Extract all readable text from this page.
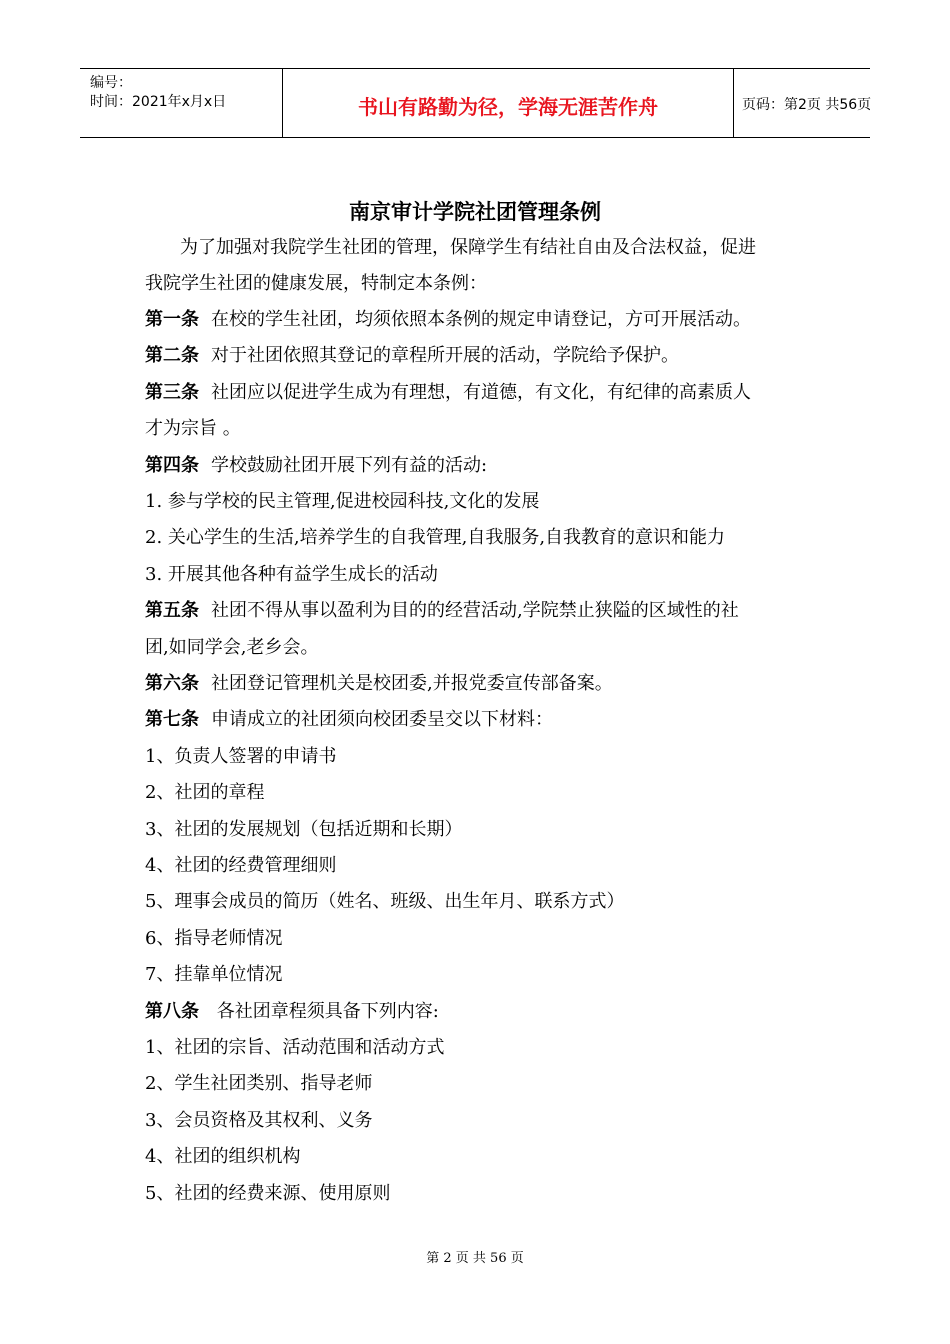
编号：
时间：2021年x月x日	书山有路勤为径，学海无涯苦作舟	页码：第2页 共56页
南京审计学院社团管理条例
为了加强对我院学生社团的管理，保障学生有结社自由及合法权益，促进
我院学生社团的健康发展，特制定本条例：
第一条 在校的学生社团，均须依照本条例的规定申请登记，方可开展活动。
第二条 对于社团依照其登记的章程所开展的活动，学院给予保护。
第三条 社团应以促进学生成为有理想，有道德，有文化，有纪律的高素质人
才为宗旨 。
第四条 学校鼓励社团开展下列有益的活动:
1. 参与学校的民主管理,促进校园科技,文化的发展
2. 关心学生的生活,培养学生的自我管理,自我服务,自我教育的意识和能力
3. 开展其他各种有益学生成长的活动
第五条 社团不得从事以盈利为目的的经营活动,学院禁止狭隘的区域性的社
团,如同学会,老乡会。
第六条 社团登记管理机关是校团委,并报党委宣传部备案。
第七条 申请成立的社团须向校团委呈交以下材料：
1、负责人签署的申请书
2、社团的章程
3、社团的发展规划（包括近期和长期）
4、社团的经费管理细则
5、理事会成员的简历（姓名、班级、出生年月、联系方式）
6、指导老师情况
7、挂靠单位情况
第八条 各社团章程须具备下列内容:
1、社团的宗旨、活动范围和活动方式
2、学生社团类别、指导老师
3、会员资格及其权利、义务
4、社团的组织机构
5、社团的经费来源、使用原则
第 2 页 共 56 页
